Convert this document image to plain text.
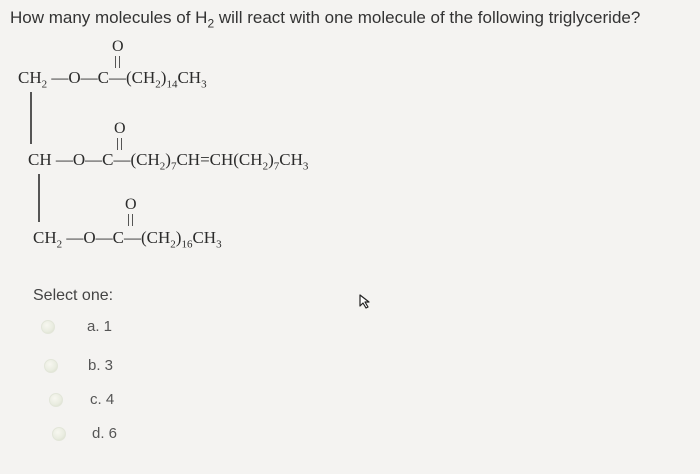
How many molecules of $H_2$ will react with one molecule of the following triglyceride?
O
$CH_2$ $—O—C—(CH_2)_{14}CH_3$
O
CH $—O—C—(CH_2)_7CH=CH(CH_2)_7CH_3$
O
$CH_2$ $—O—C—(CH_2)_{16}CH_3$
Select one:
a. 1
b. 3
c. 4
d. 6
